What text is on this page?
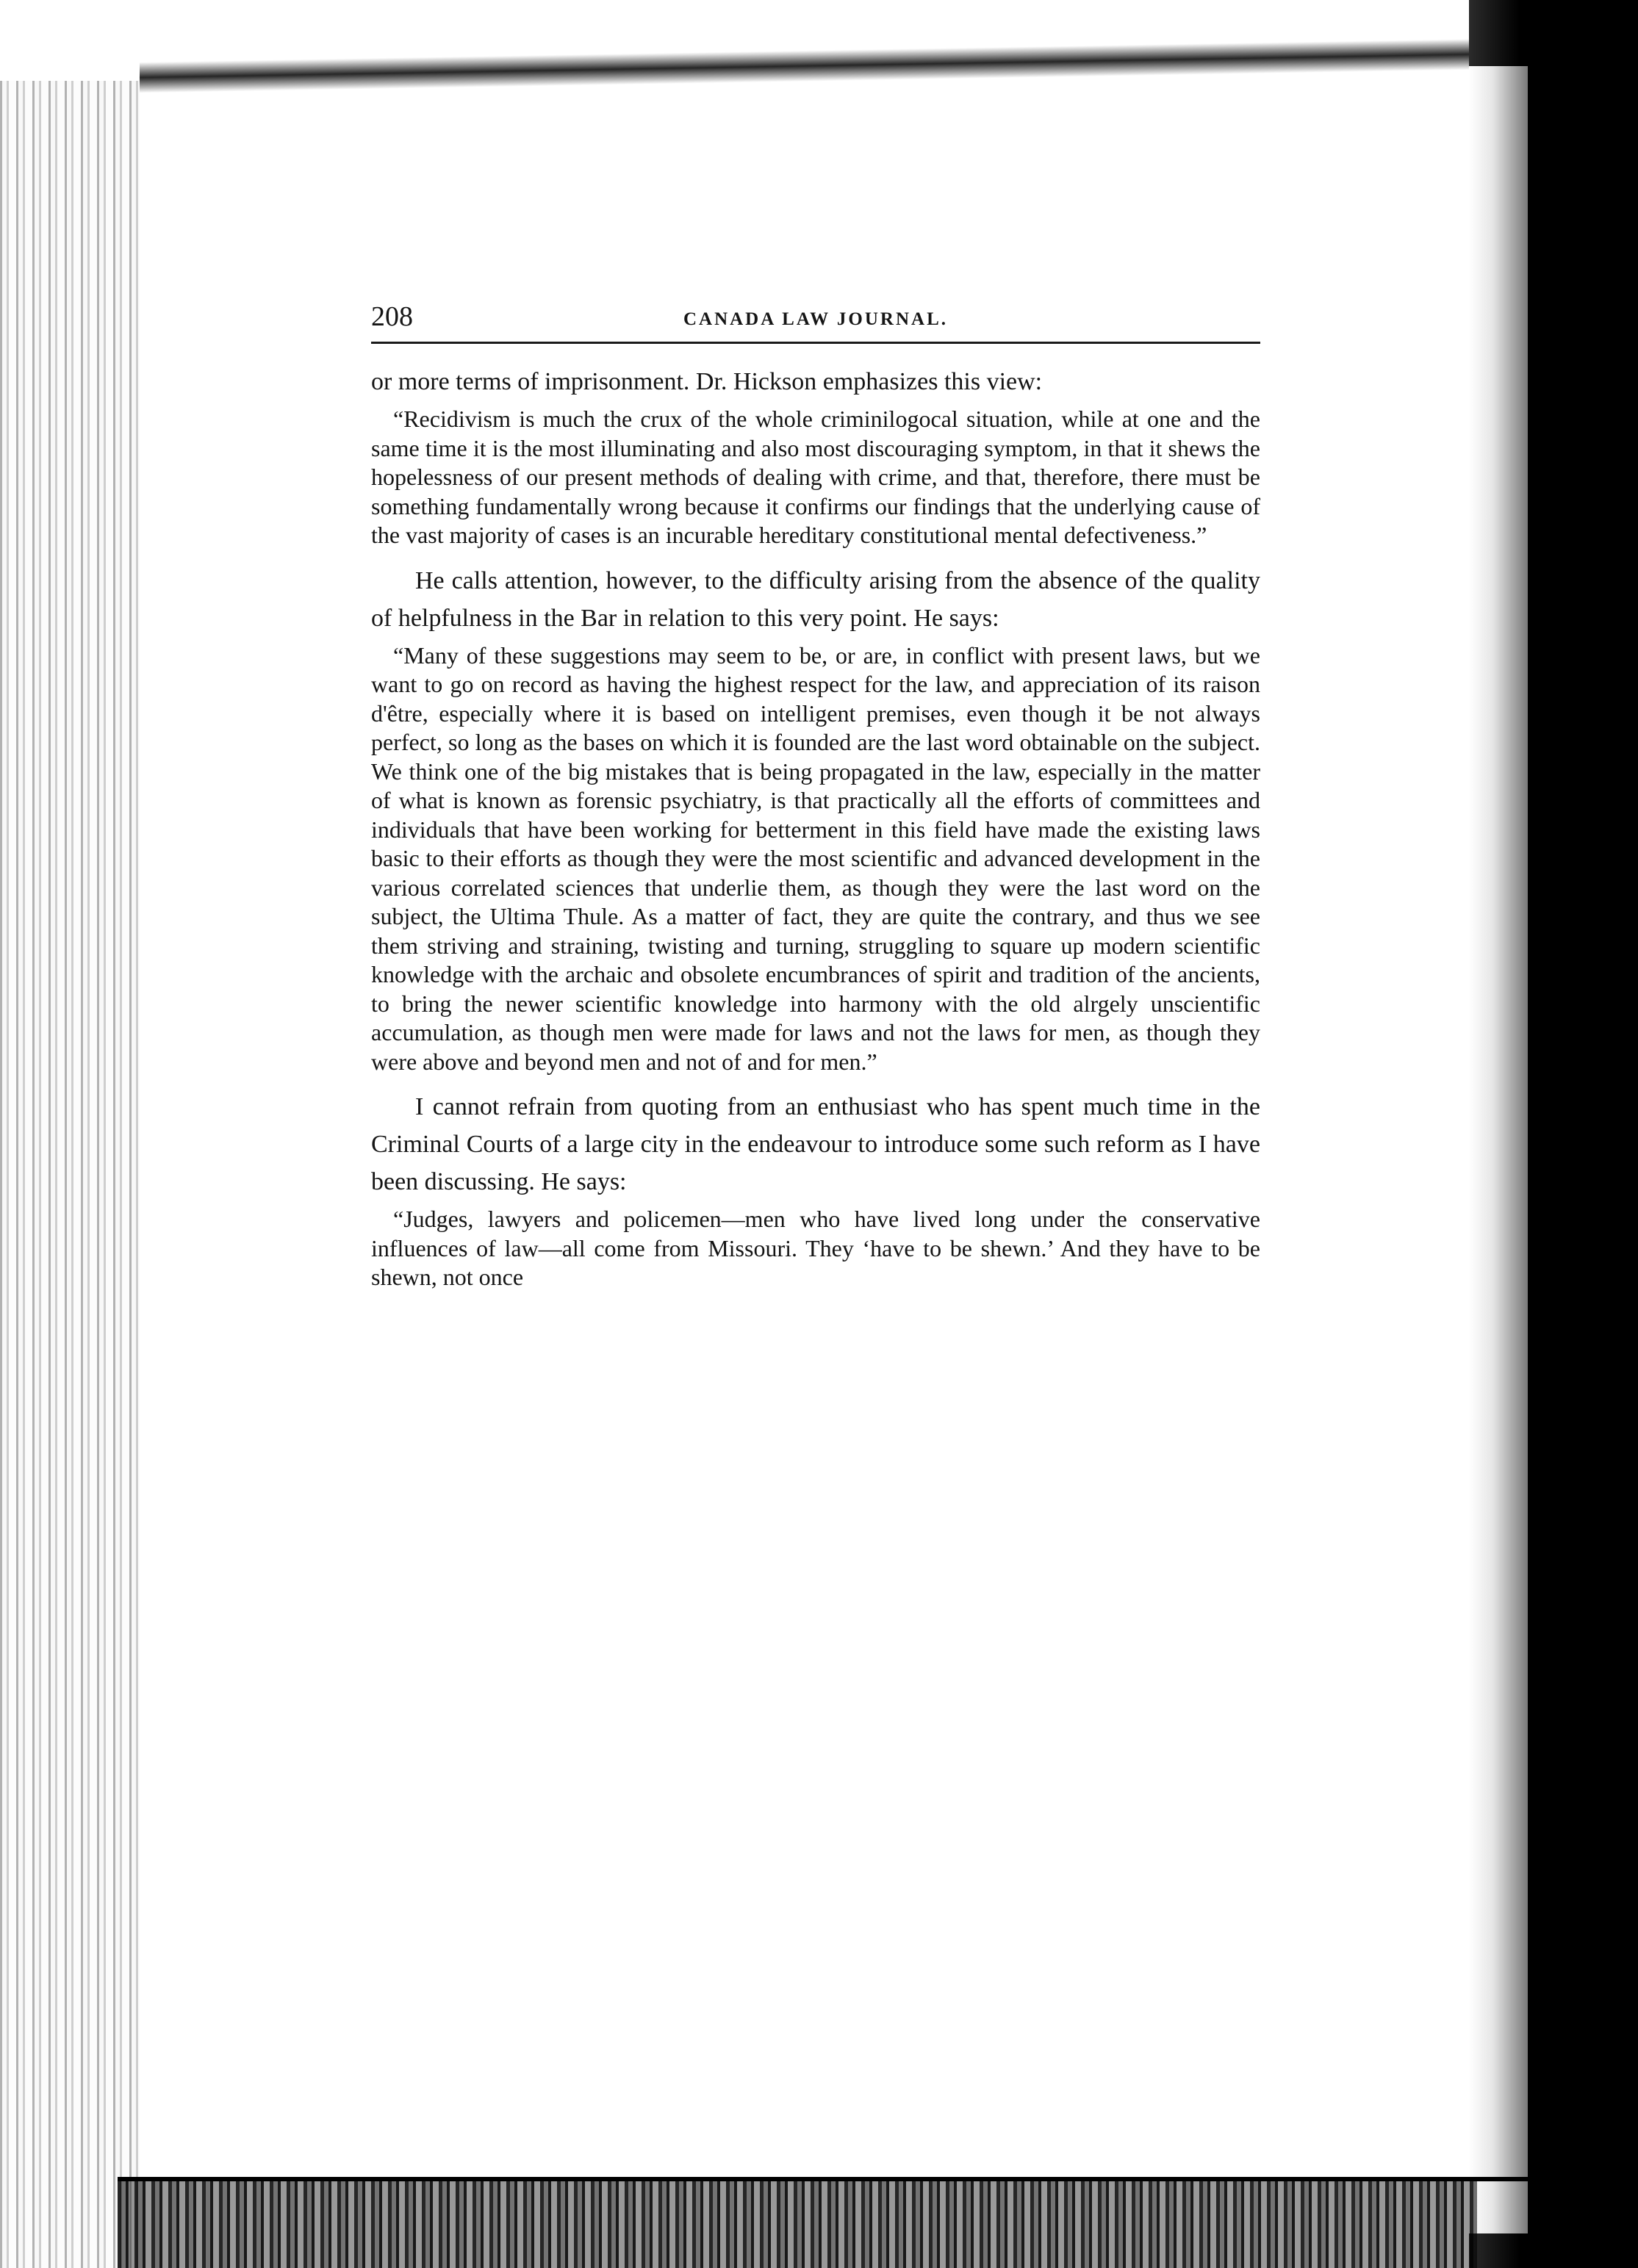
208	CANADA LAW JOURNAL.

or more terms of imprisonment. Dr. Hickson emphasizes this view:

“Recidivism is much the crux of the whole criminilogocal situation, while at one and the same time it is the most illuminating and also most discouraging symptom, in that it shews the hopelessness of our present methods of dealing with crime, and that, therefore, there must be something fundamentally wrong because it confirms our findings that the underlying cause of the vast majority of cases is an incurable hereditary constitutional mental defectiveness.”

He calls attention, however, to the difficulty arising from the absence of the quality of helpfulness in the Bar in relation to this very point. He says:

“Many of these suggestions may seem to be, or are, in conflict with present laws, but we want to go on record as having the highest respect for the law, and appreciation of its raison d'être, especially where it is based on intelligent premises, even though it be not always perfect, so long as the bases on which it is founded are the last word obtainable on the subject. We think one of the big mistakes that is being propagated in the law, especially in the matter of what is known as forensic psychiatry, is that practically all the efforts of committees and individuals that have been working for betterment in this field have made the existing laws basic to their efforts as though they were the most scientific and advanced development in the various correlated sciences that underlie them, as though they were the last word on the subject, the Ultima Thule. As a matter of fact, they are quite the contrary, and thus we see them striving and straining, twisting and turning, struggling to square up modern scientific knowledge with the archaic and obsolete encumbrances of spirit and tradition of the ancients, to bring the newer scientific knowledge into harmony with the old alrgely unscientific accumulation, as though men were made for laws and not the laws for men, as though they were above and beyond men and not of and for men.”

I cannot refrain from quoting from an enthusiast who has spent much time in the Criminal Courts of a large city in the endeavour to introduce some such reform as I have been discussing. He says:

“Judges, lawyers and policemen—men who have lived long under the conservative influences of law—all come from Missouri. They ‘have to be shewn.’ And they have to be shewn, not once
